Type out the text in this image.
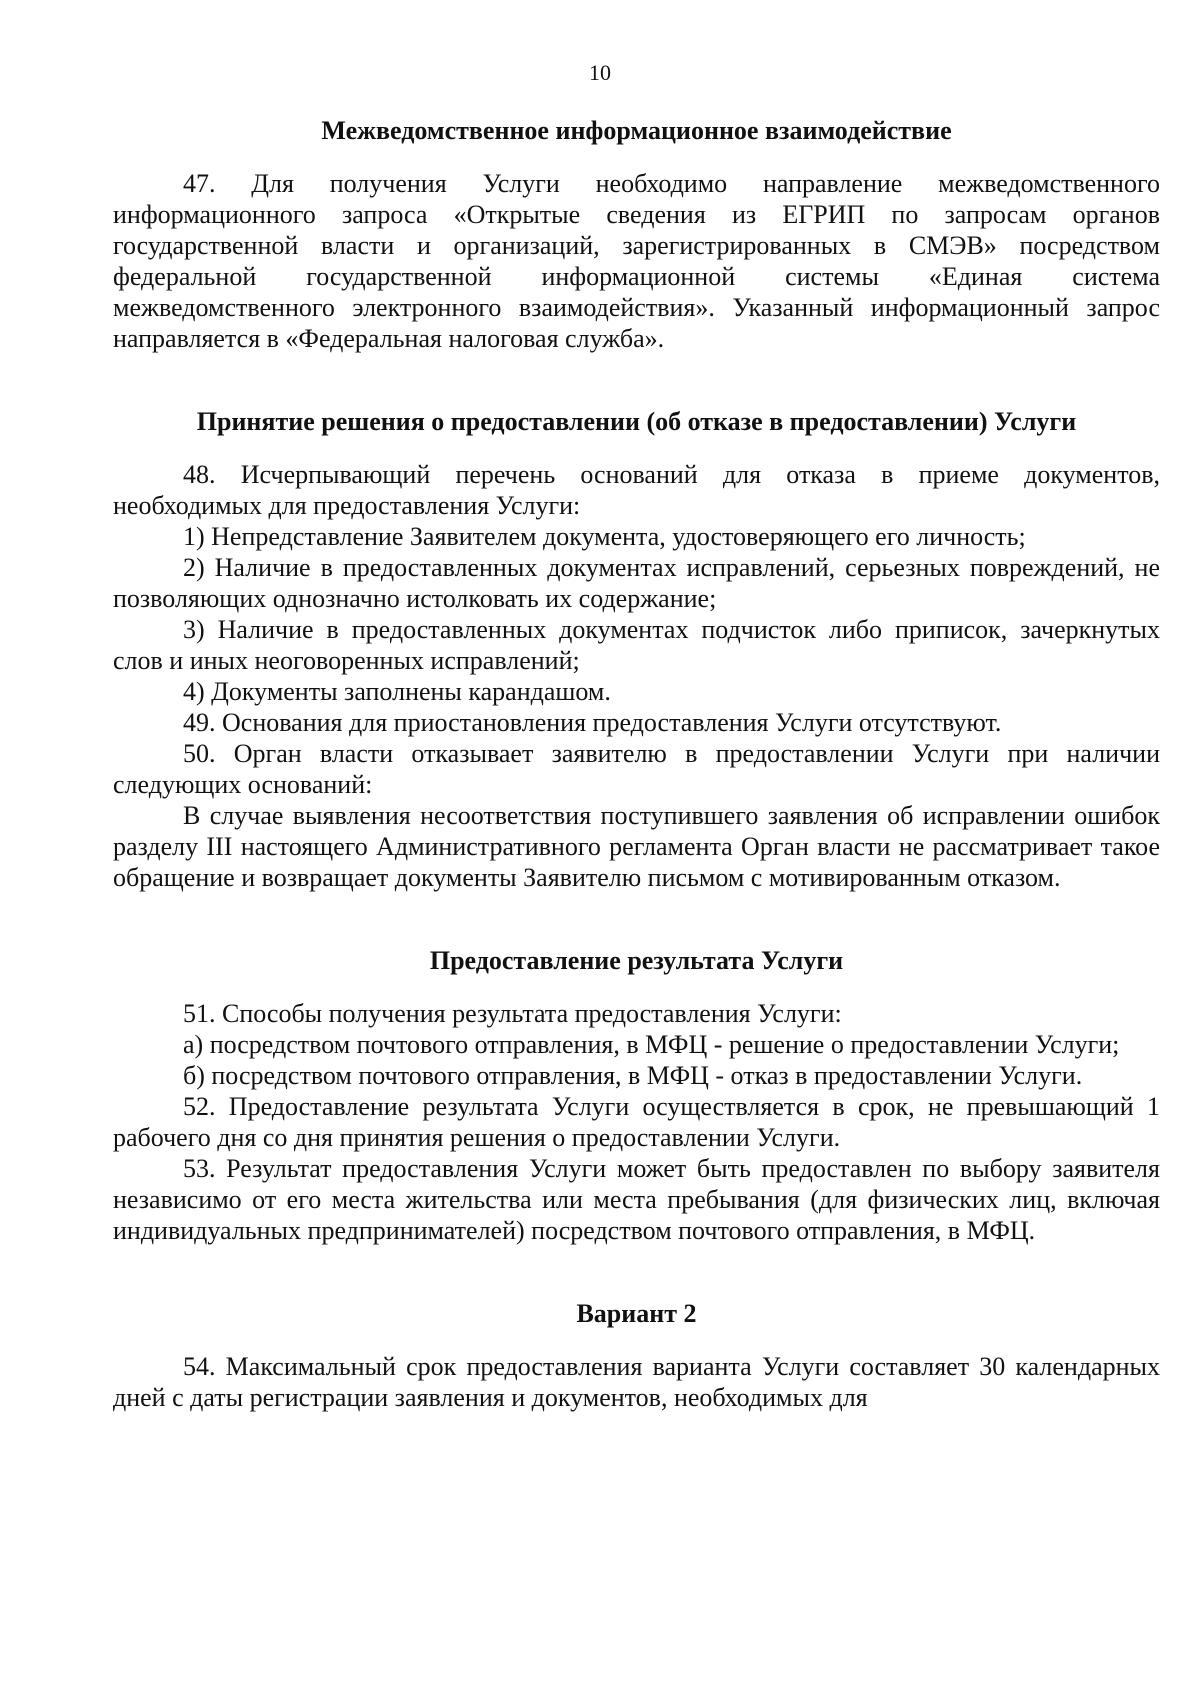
10
Межведомственное информационное взаимодействие

47. Для получения Услуги необходимо направление межведомственного информационного запроса «Открытые сведения из ЕГРИП по запросам органов государственной власти и организаций, зарегистрированных в СМЭВ» посредством федеральной государственной информационной системы «Единая система межведомственного электронного взаимодействия». Указанный информационный запрос направляется в «Федеральная налоговая служба».

Принятие решения о предоставлении (об отказе в предоставлении) Услуги

48. Исчерпывающий перечень оснований для отказа в приеме документов, необходимых для предоставления Услуги:

1) Непредставление Заявителем документа, удостоверяющего его личность;

2) Наличие в предоставленных документах исправлений, серьезных повреждений, не позволяющих однозначно истолковать их содержание;

3) Наличие в предоставленных документах подчисток либо приписок, зачеркнутых слов и иных неоговоренных исправлений;

4) Документы заполнены карандашом.

49. Основания для приостановления предоставления Услуги отсутствуют.

50. Орган власти отказывает заявителю в предоставлении Услуги при наличии следующих оснований:

В случае выявления несоответствия поступившего заявления об исправлении ошибок разделу III настоящего Административного регламента Орган власти не рассматривает такое обращение и возвращает документы Заявителю письмом с мотивированным отказом.

Предоставление результата Услуги

51. Способы получения результата предоставления Услуги:

а) посредством почтового отправления, в МФЦ - решение о предоставлении Услуги;

б) посредством почтового отправления, в МФЦ - отказ в предоставлении Услуги.

52. Предоставление результата Услуги осуществляется в срок, не превышающий 1 рабочего дня со дня принятия решения о предоставлении Услуги.

53. Результат предоставления Услуги может быть предоставлен по выбору заявителя независимо от его места жительства или места пребывания (для физических лиц, включая индивидуальных предпринимателей) посредством почтового отправления, в МФЦ.

Вариант 2

54. Максимальный срок предоставления варианта Услуги составляет 30 календарных дней с даты регистрации заявления и документов, необходимых для
